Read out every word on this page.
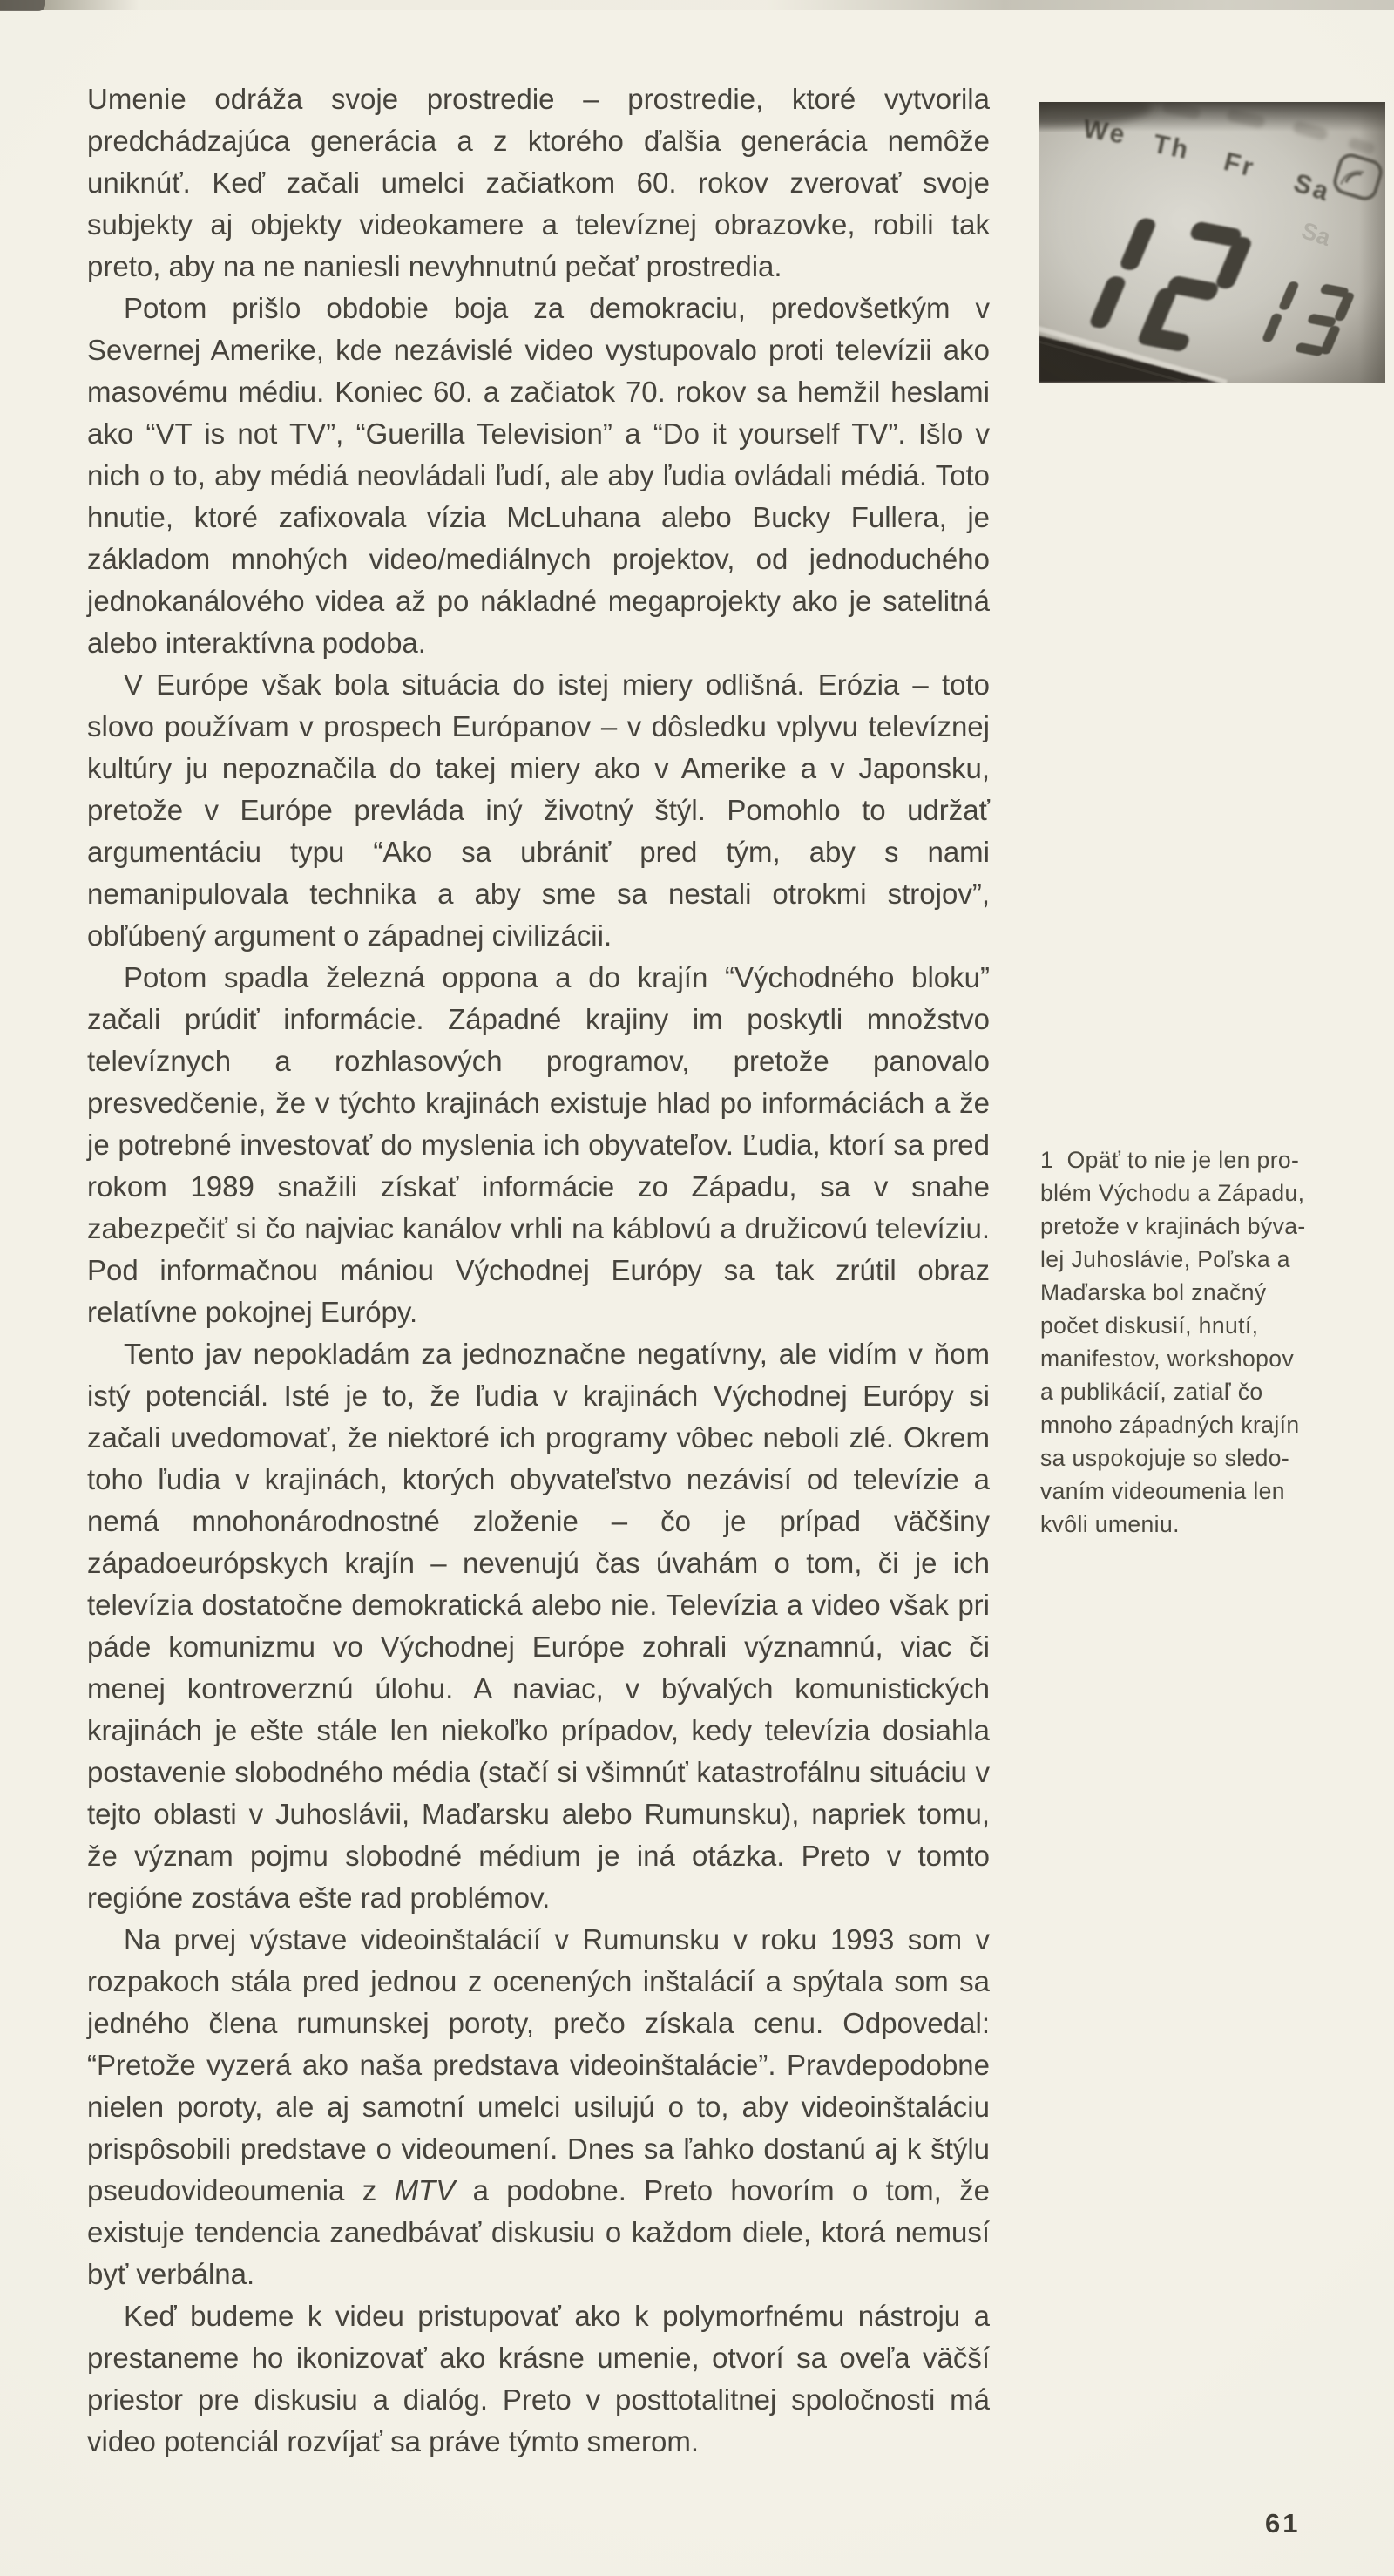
Umenie odráža svoje prostredie – prostredie, ktoré vytvorila predchádzajúca generácia a z ktorého ďalšia generácia nemôže uniknúť. Keď začali umelci začiatkom 60. rokov zverovať svoje subjekty aj objekty videokamere a televíznej obrazovke, robili tak preto, aby na ne naniesli nevyhnutnú pečať prostredia.

Potom prišlo obdobie boja za demokraciu, predovšetkým v Severnej Amerike, kde nezávislé video vystupovalo proti televízii ako masovému médiu. Koniec 60. a začiatok 70. rokov sa hemžil heslami ako “VT is not TV”, “Guerilla Television” a “Do it yourself TV”. Išlo v nich o to, aby médiá neovládali ľudí, ale aby ľudia ovládali médiá. Toto hnutie, ktoré zafixovala vízia McLuhana alebo Bucky Fullera, je základom mnohých video/mediálnych projektov, od jednoduchého jednokanálového videa až po nákladné megaprojekty ako je satelitná alebo interaktívna podoba.

V Európe však bola situácia do istej miery odlišná. Erózia – toto slovo používam v prospech Európanov – v dôsledku vplyvu televíznej kultúry ju nepoznačila do takej miery ako v Amerike a v Japonsku, pretože v Európe prevláda iný životný štýl. Pomohlo to udržať argumentáciu typu “Ako sa ubrániť pred tým, aby s nami nemanipulovala technika a aby sme sa nestali otrokmi strojov”, obľúbený argument o západnej civilizácii.

Potom spadla železná oppona a do krajín “Východného bloku” začali prúdiť informácie. Západné krajiny im poskytli množstvo televíznych a rozhlasových programov, pretože panovalo presvedčenie, že v týchto krajinách existuje hlad po informáciách a že je potrebné investovať do myslenia ich obyvateľov. Ľudia, ktorí sa pred rokom 1989 snažili získať informácie zo Západu, sa v snahe zabezpečiť si čo najviac kanálov vrhli na káblovú a družicovú televíziu. Pod informačnou mániou Východnej Európy sa tak zrútil obraz relatívne pokojnej Európy.

Tento jav nepokladám za jednoznačne negatívny, ale vidím v ňom istý potenciál. Isté je to, že ľudia v krajinách Východnej Európy si začali uvedomovať, že niektoré ich programy vôbec neboli zlé. Okrem toho ľudia v krajinách, ktorých obyvateľstvo nezávisí od televízie a nemá mnohonárodnostné zloženie – čo je prípad väčšiny západoeurópskych krajín – nevenujú čas úvahám o tom, či je ich televízia dostatočne demokratická alebo nie. Televízia a video však pri páde komunizmu vo Východnej Európe zohrali významnú, viac či menej kontroverznú úlohu. A naviac, v bývalých komunistických krajinách je ešte stále len niekoľko prípadov, kedy televízia dosiahla postavenie slobodného média (stačí si všimnúť katastrofálnu situáciu v tejto oblasti v Juhoslávii, Maďarsku alebo Rumunsku), napriek tomu, že význam pojmu slobodné médium je iná otázka. Preto v tomto regióne zostáva ešte rad problémov.

Na prvej výstave videoinštalácií v Rumunsku v roku 1993 som v rozpakoch stála pred jednou z ocenených inštalácií a spýtala som sa jedného člena rumunskej poroty, prečo získala cenu. Odpovedal: “Pretože vyzerá ako naša predstava videoinštalácie”. Pravdepodobne nielen poroty, ale aj samotní umelci usilujú o to, aby videoinštaláciu prispôsobili predstave o videoumení. Dnes sa ľahko dostanú aj k štýlu pseudovideoumenia z MTV a podobne. Preto hovorím o tom, že existuje tendencia zanedbávať diskusiu o každom diele, ktorá nemusí byť verbálna.

Keď budeme k videu pristupovať ako k polymorfnému nástroju a prestaneme ho ikonizovať ako krásne umenie, otvorí sa oveľa väčší priestor pre diskusiu a dialóg. Preto v posttotalitnej spoločnosti má video potenciál rozvíjať sa práve týmto smerom.

1  Opäť to nie je len pro-
blém Východu a Západu,
pretože v krajinách býva-
lej Juhoslávie, Poľska a
Maďarska bol značný
počet diskusií, hnutí,
manifestov, workshopov
a publikácií, zatiaľ čo
mnoho západných krajín
sa uspokojuje so sledo-
vaním videoumenia len
kvôli umeniu.
61
